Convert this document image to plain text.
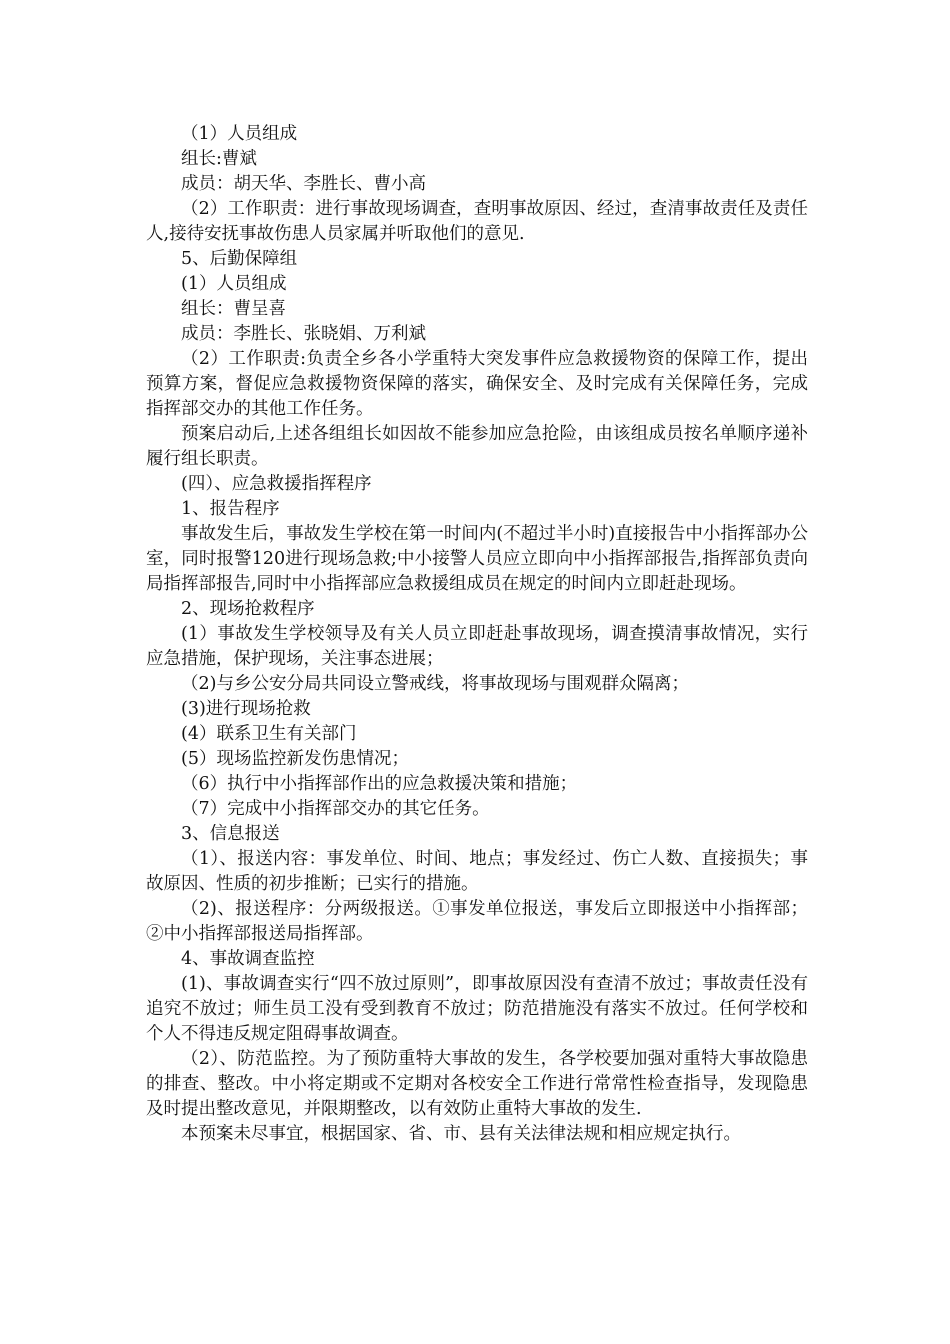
（1）人员组成

组长:曹斌

成员：胡天华、李胜长、曹小高

（2）工作职责：进行事故现场调查，查明事故原因、经过，查清事故责任及责任人,接待安抚事故伤患人员家属并听取他们的意见.

5、后勤保障组

(1）人员组成

组长：曹呈喜

成员：李胜长、张晓娟、万利斌

（2）工作职责:负责全乡各小学重特大突发事件应急救援物资的保障工作，提出预算方案，督促应急救援物资保障的落实，确保安全、及时完成有关保障任务，完成指挥部交办的其他工作任务。

预案启动后,上述各组组长如因故不能参加应急抢险，由该组成员按名单顺序递补履行组长职责。

(四）、应急救援指挥程序

1、报告程序

事故发生后，事故发生学校在第一时间内(不超过半小时)直接报告中小指挥部办公室，同时报警120进行现场急救;中小接警人员应立即向中小指挥部报告,指挥部负责向局指挥部报告,同时中小指挥部应急救援组成员在规定的时间内立即赶赴现场。

2、现场抢救程序

(1）事故发生学校领导及有关人员立即赶赴事故现场，调查摸清事故情况，实行应急措施，保护现场，关注事态进展；

（2)与乡公安分局共同设立警戒线，将事故现场与围观群众隔离；

(3)进行现场抢救

(4）联系卫生有关部门

(5）现场监控新发伤患情况；

（6）执行中小指挥部作出的应急救援决策和措施；

（7）完成中小指挥部交办的其它任务。

3、信息报送

（1）、报送内容：事发单位、时间、地点；事发经过、伤亡人数、直接损失；事故原因、性质的初步推断；已实行的措施。

（2)、报送程序：分两级报送。①事发单位报送，事发后立即报送中小指挥部；②中小指挥部报送局指挥部。

4、事故调查监控

(1)、事故调查实行“四不放过原则”，即事故原因没有查清不放过；事故责任没有追究不放过；师生员工没有受到教育不放过；防范措施没有落实不放过。任何学校和个人不得违反规定阻碍事故调查。

（2）、防范监控。为了预防重特大事故的发生，各学校要加强对重特大事故隐患的排查、整改。中小将定期或不定期对各校安全工作进行常常性检查指导，发现隐患及时提出整改意见，并限期整改，以有效防止重特大事故的发生.

本预案未尽事宜，根据国家、省、市、县有关法律法规和相应规定执行。
